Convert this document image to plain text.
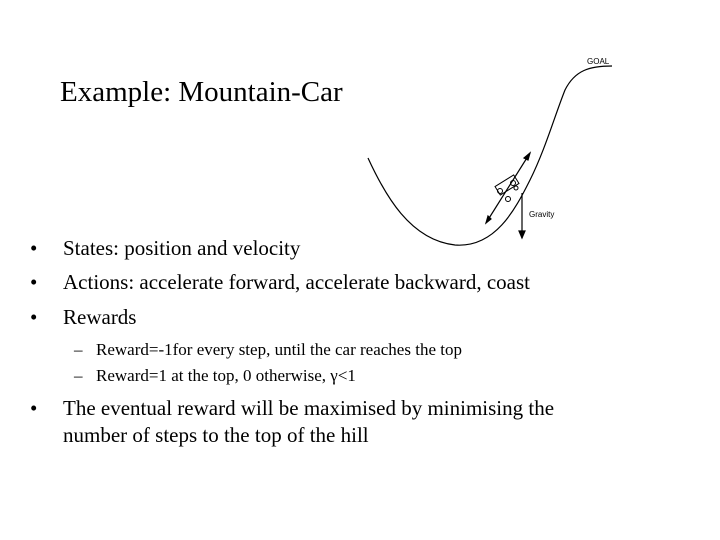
Example: Mountain-Car
GOAL
Gravity
• States: position and velocity
• Actions: accelerate forward, accelerate backward, coast
• Rewards
– Reward=-1for every step, until the car reaches the top
– Reward=1 at the top, 0 otherwise, γ<1
• The eventual reward will be maximised by minimising the
number of steps to the top of the hill
